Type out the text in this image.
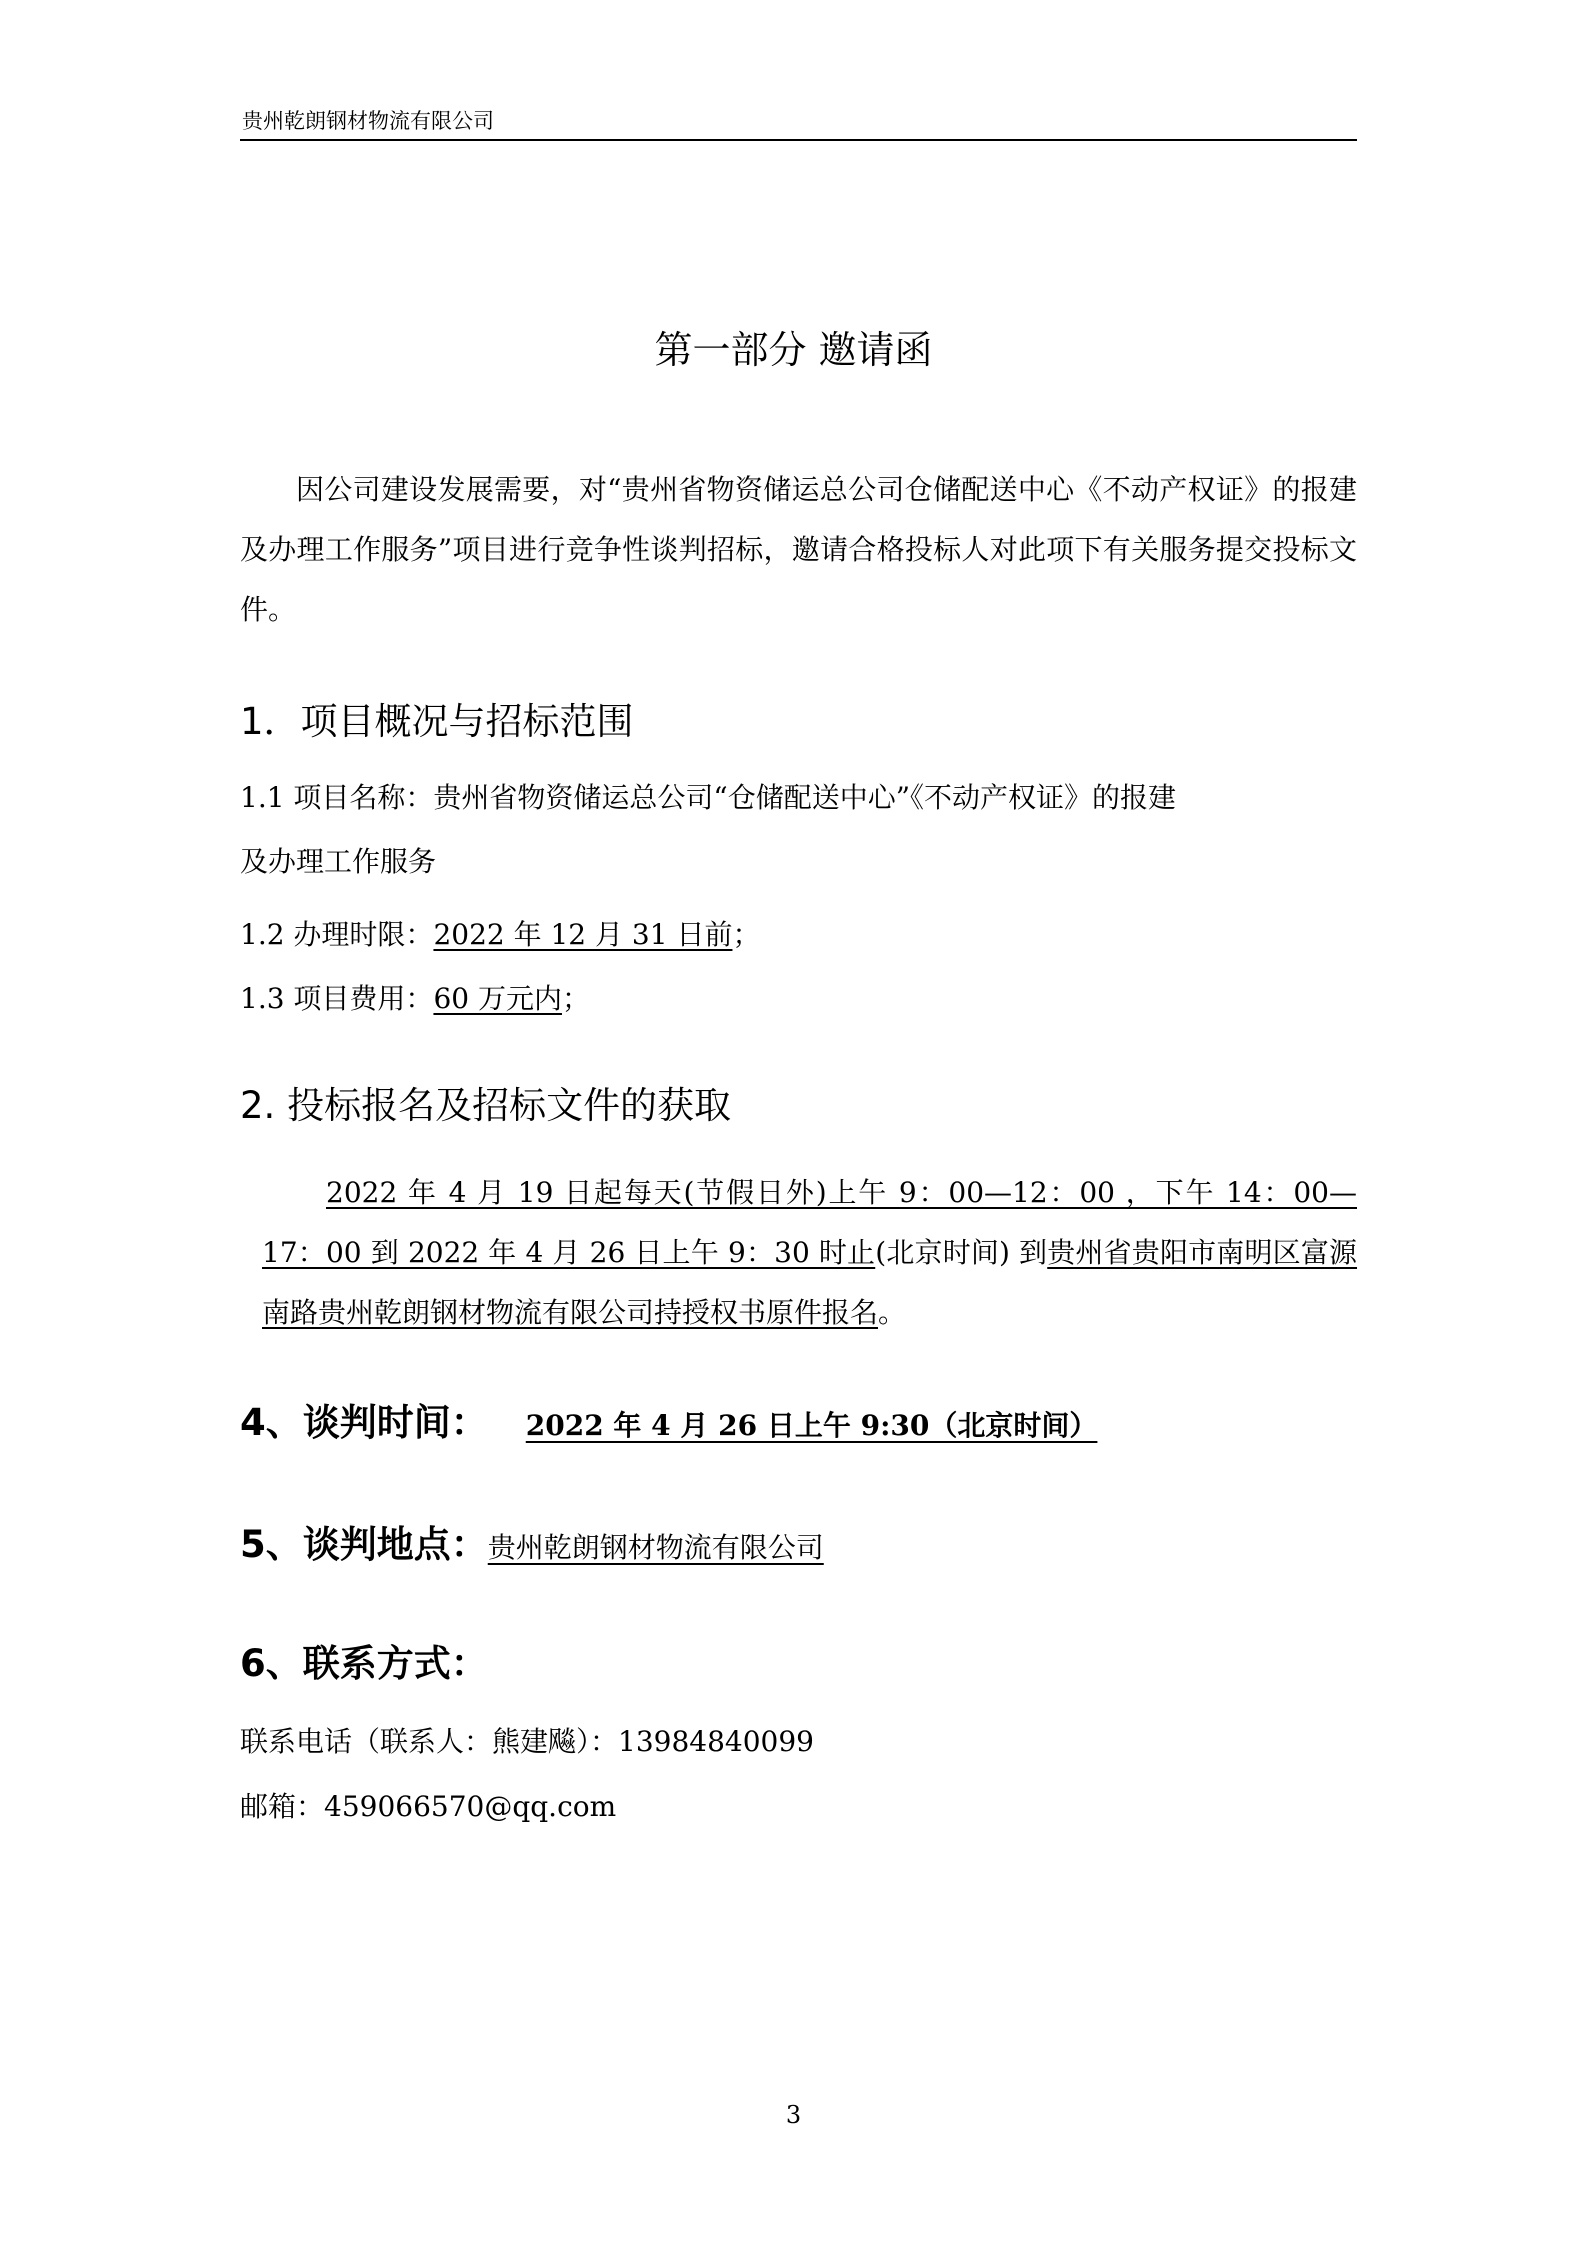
贵州乾朗钢材物流有限公司
第一部分 邀请函

因公司建设发展需要，对“贵州省物资储运总公司仓储配送中心《不动产权证》的报建及办理工作服务”项目进行竞争性谈判招标，邀请合格投标人对此项下有关服务提交投标文件。

1．项目概况与招标范围
1.1 项目名称：贵州省物资储运总公司“仓储配送中心”《不动产权证》的报建
及办理工作服务
1.2 办理时限：2022 年 12 月 31 日前；
1.3 项目费用：60 万元内；
2. 投标报名及招标文件的获取

2022 年 4 月 19 日起每天(节假日外)上午 9：00—12：00 ，下午 14：00—17：00 到 2022 年 4 月 26 日上午 9：30 时止(北京时间) 到贵州省贵阳市南明区富源南路贵州乾朗钢材物流有限公司持授权书原件报名。

4、谈判时间： 2022 年 4 月 26 日上午 9:30（北京时间）
5、谈判地点：贵州乾朗钢材物流有限公司
6、联系方式：
联系电话（联系人：熊建飚）：13984840099
邮箱：459066570@qq.com
3
